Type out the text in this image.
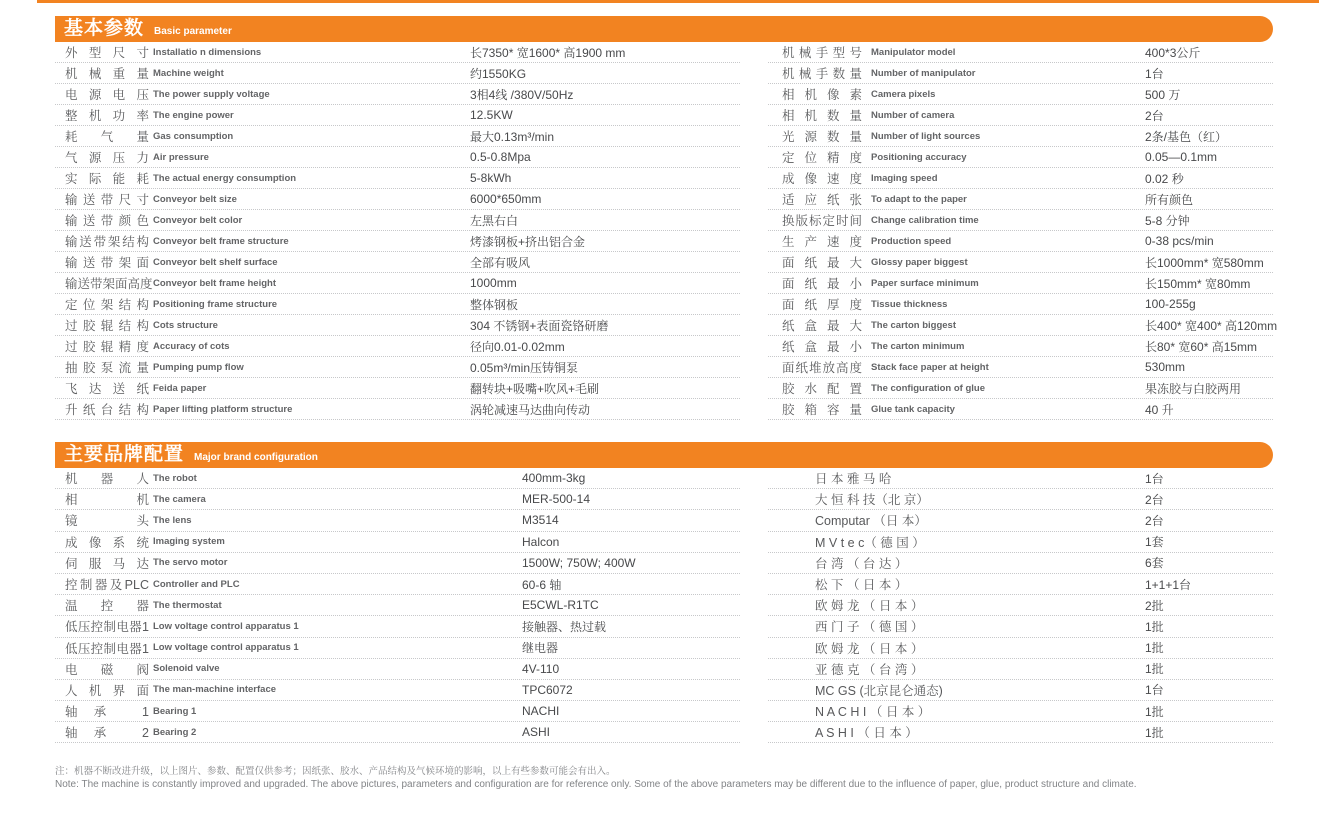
基本参数 Basic parameter
外型尺寸 Installatio n dimensions	长7350* 宽1600* 高1900 mm
机械重量 Machine weight	约1550KG
电源电压 The power supply voltage	3相4线 /380V/50Hz
整机功率 The engine power	12.5KW
耗气量 Gas consumption	最大0.13m³/min
气源压力 Air pressure	0.5-0.8Mpa
实际能耗 The actual energy consumption	5-8kWh
输送带尺寸 Conveyor belt size	6000*650mm
输送带颜色 Conveyor belt color	左黑右白
输送带架结构 Conveyor belt frame structure	烤漆钢板+挤出铝合金
输送带架面 Conveyor belt shelf surface	全部有吸风
输送带架面高度 Conveyor belt frame height	1000mm
定位架结构 Positioning frame structure	整体钢板
过胶辊结构 Cots structure	304 不锈钢+表面瓷铬研磨
过胶辊精度 Accuracy of cots	径向0.01-0.02mm
抽胶泵流量 Pumping pump flow	0.05m³/min压铸铜泵
飞达送纸 Feida paper	翻转块+吸嘴+吹风+毛刷
升纸台结构 Paper lifting platform structure	涡轮减速马达曲向传动
机械手型号 Manipulator model	400*3公斤
机械手数量 Number of manipulator	1台
相机像素 Camera pixels	500 万
相机数量 Number of camera	2台
光源数量 Number of light sources	2条/基色（红）
定位精度 Positioning accuracy	0.05—0.1mm
成像速度 Imaging speed	0.02 秒
适应纸张 To adapt to the paper	所有颜色
换版标定时间 Change calibration time	5-8 分钟
生产速度 Production speed	0-38 pcs/min
面纸最大 Glossy paper biggest	长1000mm* 宽580mm
面纸最小 Paper surface minimum	长150mm* 宽80mm
面纸厚度 Tissue thickness	100-255g
纸盒最大 The carton biggest	长400* 宽400* 高120mm
纸盒最小 The carton minimum	长80* 宽60* 高15mm
面纸堆放高度 Stack face paper at height	530mm
胶水配置 The configuration of glue	果冻胶与白胶两用
胶箱容量 Glue tank capacity	40 升
主要品牌配置 Major brand configuration
机器人 The robot	400mm-3kg
相机 The camera	MER-500-14
镜头 The lens	M3514
成像系统 Imaging system	Halcon
伺服马达 The servo motor	1500W; 750W; 400W
控制器及PLC Controller and PLC	60-6 轴
温控器 The thermostat	E5CWL-R1TC
低压控制电器1 Low voltage control apparatus 1	接触器、热过载
低压控制电器1 Low voltage control apparatus 1	继电器
电磁阀 Solenoid valve	4V-110
人机界面 The man-machine interface	TPC6072
轴承 1 Bearing 1	NACHI
轴承 2 Bearing 2	ASHI
日 本 雅 马 哈	1台
大 恒 科 技（北 京）	2台
Computar （日 本）	2台
M V t e c（ 德 国 ）	1套
台 湾 （ 台 达 ）	6套
松 下 （ 日 本 ）	1+1+1台
欧 姆 龙 （ 日 本 ）	2批
西 门 子 （ 德 国 ）	1批
欧 姆 龙 （ 日 本 ）	1批
亚 德 克 （ 台 湾 ）	1批
MC GS (北京昆仑通态)	1台
N A C H I （ 日 本 ）	1批
A S H I （ 日 本 ）	1批
注：机器不断改进升级，以上图片、参数、配置仅供参考；因纸张、胶水、产品结构及气候环境的影响，以上有些参数可能会有出入。
Note: The machine is constantly improved and upgraded. The above pictures, parameters and configuration are for reference only. Some of the above parameters may be different due to the influence of paper, glue, product structure and climate.
